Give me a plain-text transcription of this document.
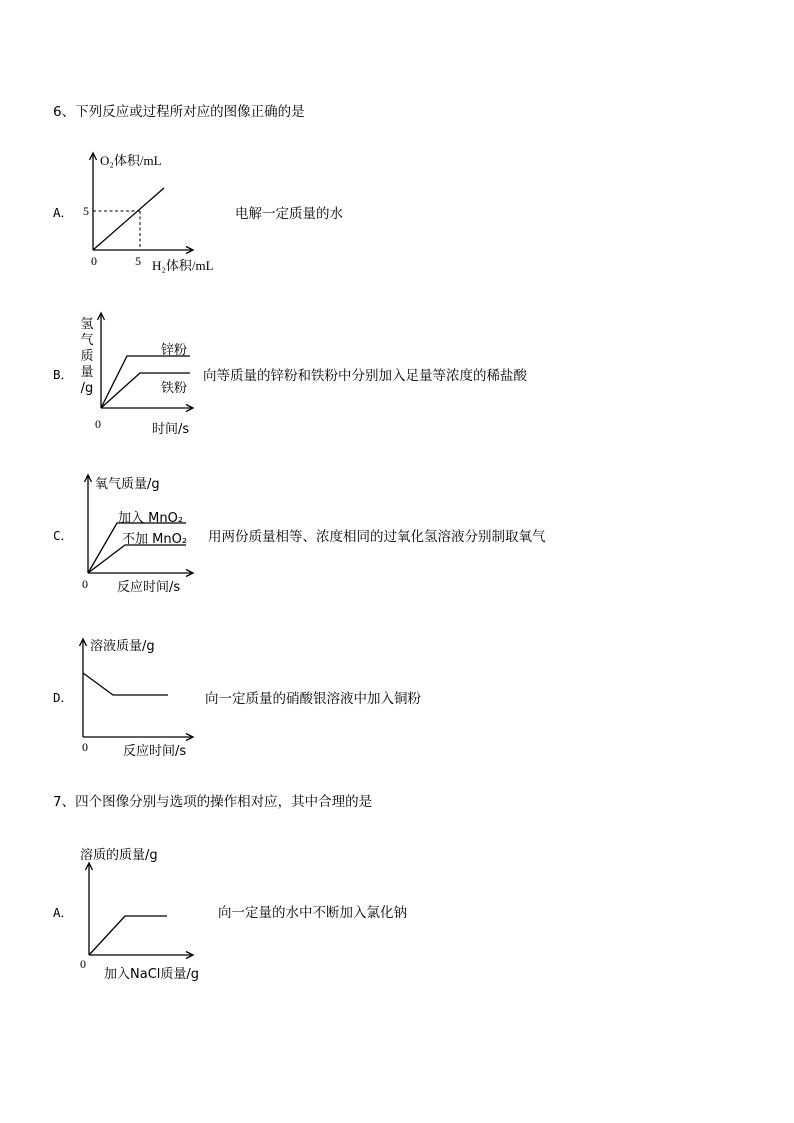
6、下列反应或过程所对应的图像正确的是
A．
O₂体积/mL
5
0	5 H₂体积/mL
电解一定质量的水
B．
氢
气
质
量
/g
锌粉
铁粉
0	时间/s
向等质量的锌粉和铁粉中分别加入足量等浓度的稀盐酸
C．
氧气质量/g
加入 MnO₂
不加 MnO₂
0 反应时间/s
用两份质量相等、浓度相同的过氧化氢溶液分别制取氧气
D．
溶液质量/g
0	反应时间/s
向一定质量的硝酸银溶液中加入铜粉
7、四个图像分别与选项的操作相对应，其中合理的是
A．
溶质的质量/g
0
加入NaCl质量/g
向一定量的水中不断加入氯化钠
